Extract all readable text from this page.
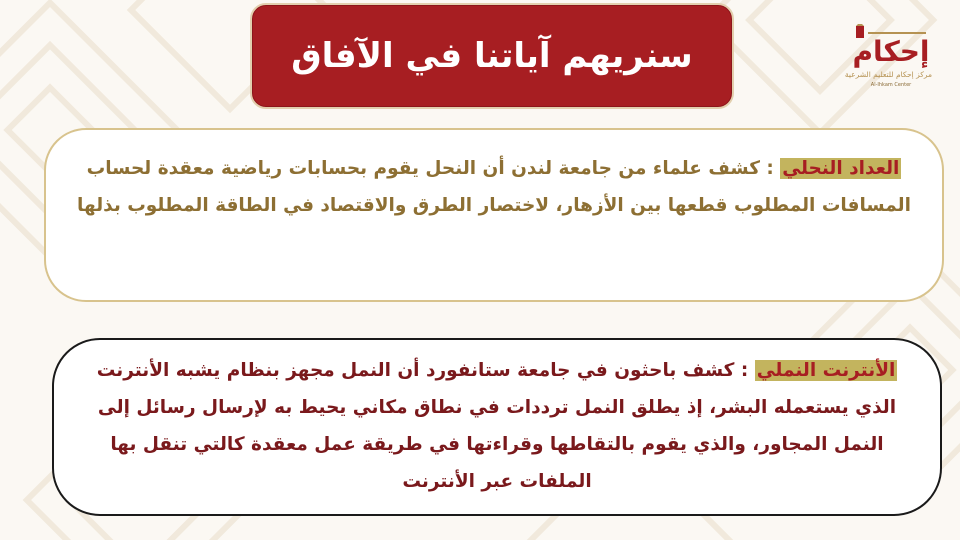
سنريهم آياتنا في الآفاق	إحكام
مركز إحكام للتعليم الشرعية
Al-Ihkam Center
العداد النحلي : كشف علماء من جامعة لندن أن النحل يقوم بحسابات رياضية معقدة لحساب المسافات المطلوب قطعها بين الأزهار، لاختصار الطرق والاقتصاد في الطاقة المطلوب بذلها
الأنترنت النملي : كشف باحثون في جامعة ستانفورد أن النمل مجهز بنظام يشبه الأنترنت الذي يستعمله البشر، إذ يطلق النمل ترددات في نطاق مكاني يحيط به لإرسال رسائل إلى النمل المجاور، والذي يقوم بالتقاطها وقراءتها في طريقة عمل معقدة كالتي تنقل بها الملفات عبر الأنترنت
